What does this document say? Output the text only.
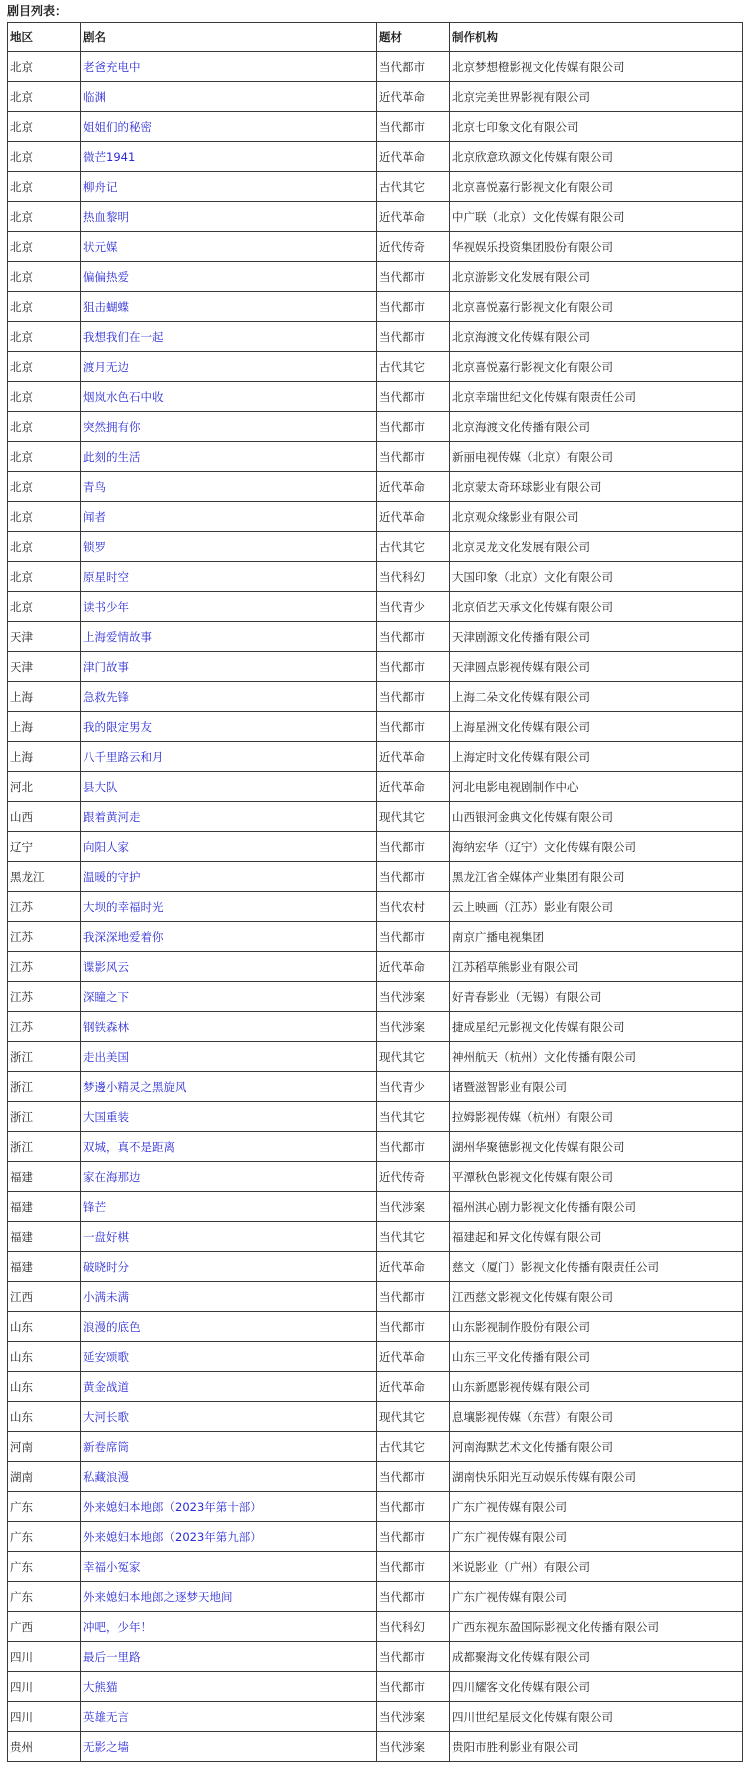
剧目列表：
地区	剧名	题材	制作机构
北京	老爸充电中	当代都市	北京梦想橙影视文化传媒有限公司
北京	临渊	近代革命	北京完美世界影视有限公司
北京	姐姐们的秘密	当代都市	北京七印象文化有限公司
北京	微芒1941	近代革命	北京欣意玖源文化传媒有限公司
北京	柳舟记	古代其它	北京喜悦嘉行影视文化有限公司
北京	热血黎明	近代革命	中广联（北京）文化传媒有限公司
北京	状元媒	近代传奇	华视娱乐投资集团股份有限公司
北京	偏偏热爱	当代都市	北京游影文化发展有限公司
北京	狙击蝴蝶	当代都市	北京喜悦嘉行影视文化有限公司
北京	我想我们在一起	当代都市	北京海渡文化传媒有限公司
北京	渡月无边	古代其它	北京喜悦嘉行影视文化有限公司
北京	烟岚水色石中收	当代都市	北京幸瑞世纪文化传媒有限责任公司
北京	突然拥有你	当代都市	北京海渡文化传播有限公司
北京	此刻的生活	当代都市	新丽电视传媒（北京）有限公司
北京	青鸟	近代革命	北京蒙太奇环球影业有限公司
北京	闻者	近代革命	北京观众缘影业有限公司
北京	锁罗	古代其它	北京灵龙文化发展有限公司
北京	原星时空	当代科幻	大国印象（北京）文化有限公司
北京	读书少年	当代青少	北京佰艺天承文化传媒有限公司
天津	上海爱情故事	当代都市	天津剧源文化传播有限公司
天津	津门故事	当代都市	天津圆点影视传媒有限公司
上海	急救先锋	当代都市	上海二朵文化传媒有限公司
上海	我的限定男友	当代都市	上海星洲文化传媒有限公司
上海	八千里路云和月	近代革命	上海定时文化传媒有限公司
河北	县大队	近代革命	河北电影电视剧制作中心
山西	跟着黄河走	现代其它	山西银河金典文化传媒有限公司
辽宁	向阳人家	当代都市	海纳宏华（辽宁）文化传媒有限公司
黑龙江	温暖的守护	当代都市	黑龙江省全媒体产业集团有限公司
江苏	大坝的幸福时光	当代农村	云上映画（江苏）影业有限公司
江苏	我深深地爱着你	当代都市	南京广播电视集团
江苏	谍影风云	近代革命	江苏稻草熊影业有限公司
江苏	深瞳之下	当代涉案	好青春影业（无锡）有限公司
江苏	钢铁森林	当代涉案	捷成星纪元影视文化传媒有限公司
浙江	走出美国	现代其它	神州航天（杭州）文化传播有限公司
浙江	梦邊小精灵之黑旋风	当代青少	诸暨滋智影业有限公司
浙江	大国重装	当代其它	拉姆影视传媒（杭州）有限公司
浙江	双城，真不是距离	当代都市	湖州华聚德影视文化传媒有限公司
福建	家在海那边	近代传奇	平潭秋色影视文化传媒有限公司
福建	锋芒	当代涉案	福州淇心剧力影视文化传播有限公司
福建	一盘好棋	当代其它	福建起和昇文化传媒有限公司
福建	破晓时分	近代革命	慈文（厦门）影视文化传播有限责任公司
江西	小满未满	当代都市	江西慈文影视文化传媒有限公司
山东	浪漫的底色	当代都市	山东影视制作股份有限公司
山东	延安颂歌	近代革命	山东三平文化传播有限公司
山东	黄金战道	近代革命	山东新愿影视传媒有限公司
山东	大河长歌	现代其它	息壤影视传媒（东营）有限公司
河南	新卷席筒	古代其它	河南海默艺术文化传播有限公司
湖南	私藏浪漫	当代都市	湖南快乐阳光互动娱乐传媒有限公司
广东	外来媳妇本地郎（2023年第十部）	当代都市	广东广视传媒有限公司
广东	外来媳妇本地郎（2023年第九部）	当代都市	广东广视传媒有限公司
广东	幸福小冤家	当代都市	米说影业（广州）有限公司
广东	外来媳妇本地郎之逐梦天地间	当代都市	广东广视传媒有限公司
广西	冲吧，少年！	当代科幻	广西东视东盈国际影视文化传播有限公司
四川	最后一里路	当代都市	成都聚海文化传媒有限公司
四川	大熊猫	当代都市	四川耀客文化传媒有限公司
四川	英雄无言	当代涉案	四川世纪星辰文化传媒有限公司
贵州	无影之墙	当代涉案	贵阳市胜利影业有限公司
